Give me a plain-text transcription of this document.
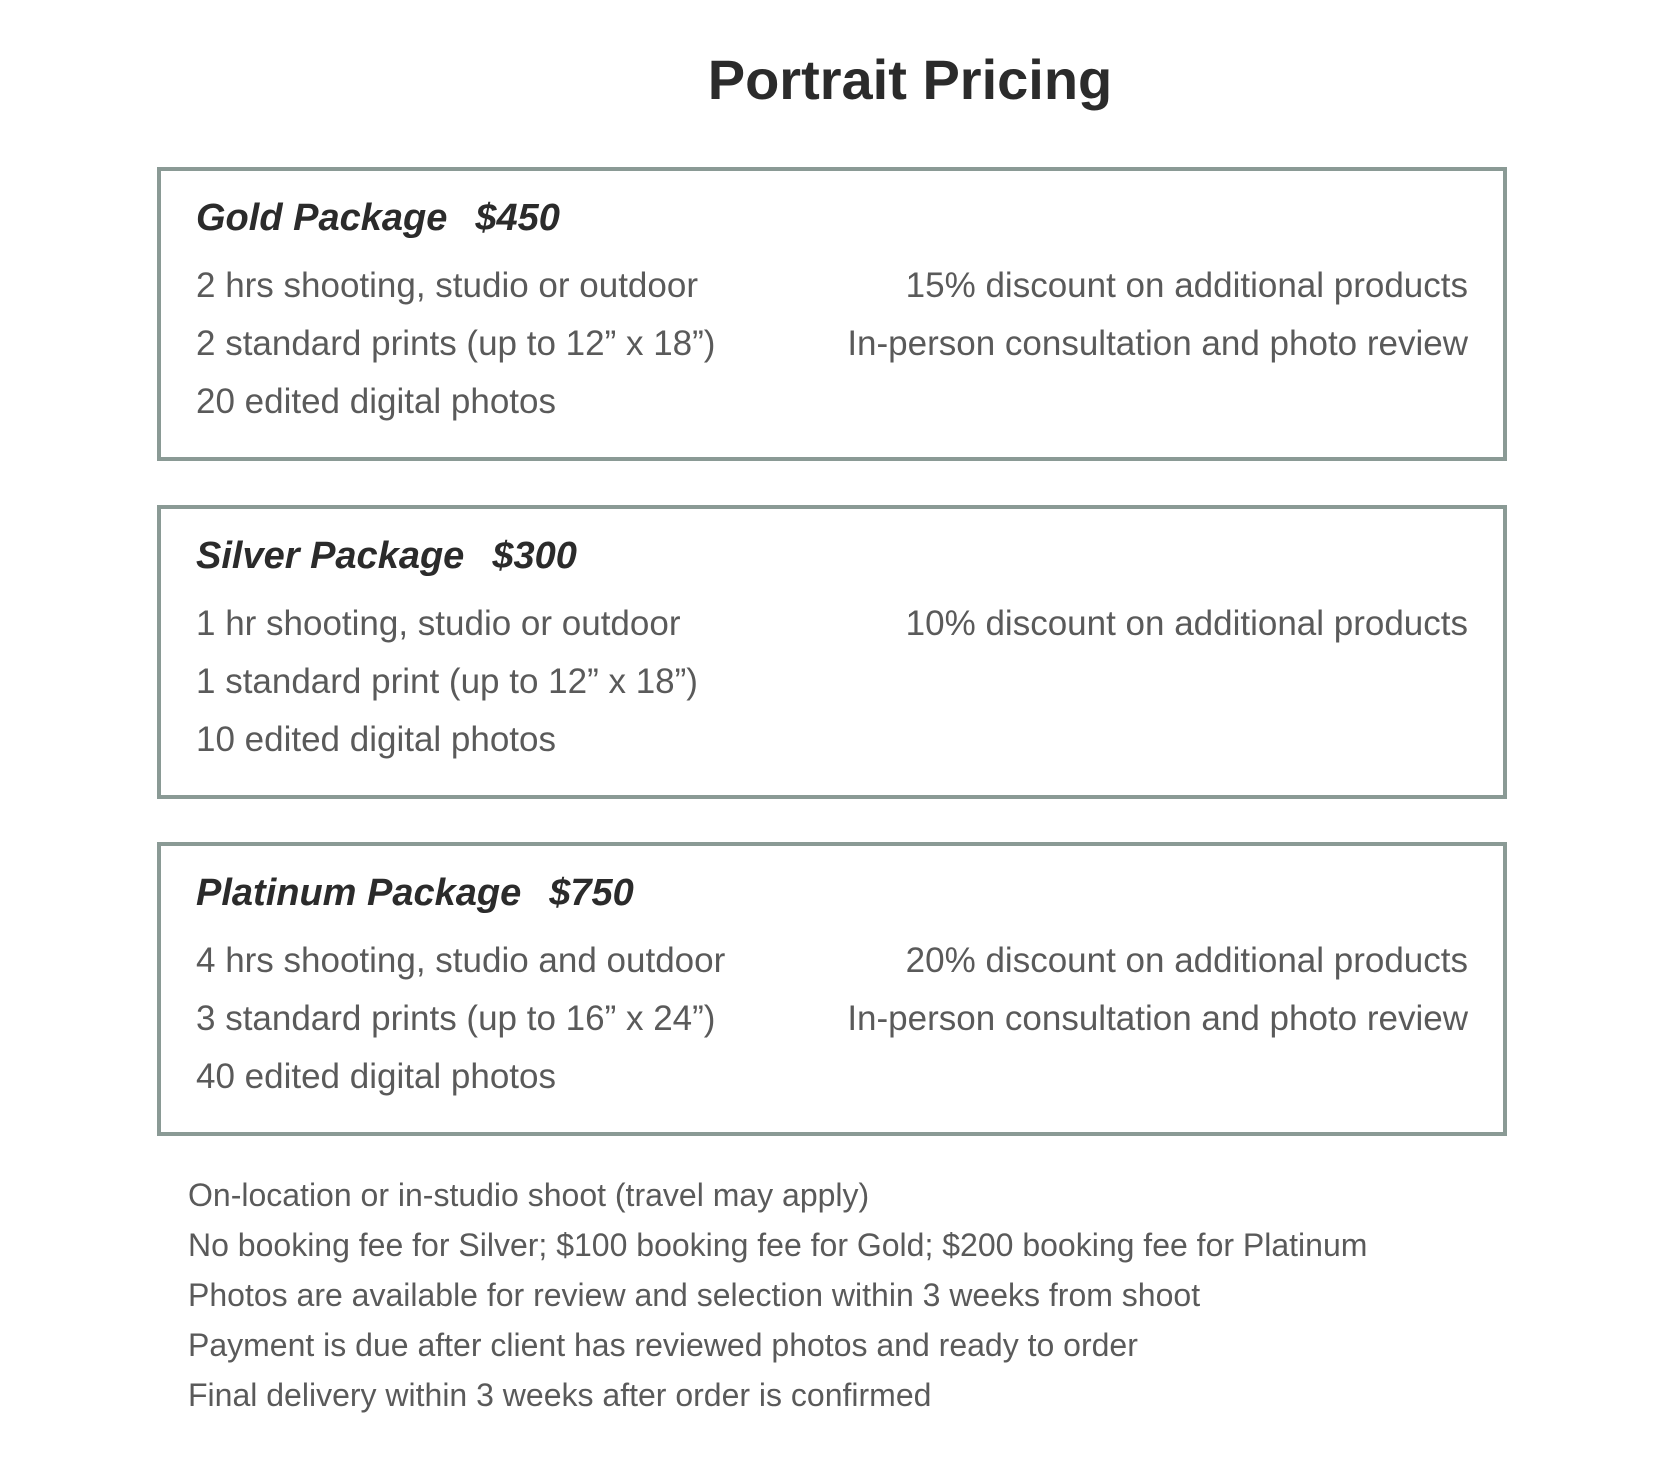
Portrait Pricing
Gold Package $450
2 hrs shooting, studio or outdoor
2 standard prints (up to 12” x 18”)
20 edited digital photos
15% discount on additional products
In-person consultation and photo review
Silver Package $300
1 hr shooting, studio or outdoor
1 standard print (up to 12” x 18”)
10 edited digital photos
10% discount on additional products
Platinum Package $750
4 hrs shooting, studio and outdoor
3 standard prints (up to 16” x 24”)
40 edited digital photos
20% discount on additional products
In-person consultation and photo review
On-location or in-studio shoot (travel may apply)
No booking fee for Silver; $100 booking fee for Gold; $200 booking fee for Platinum
Photos are available for review and selection within 3 weeks from shoot
Payment is due after client has reviewed photos and ready to order
Final delivery within 3 weeks after order is confirmed
